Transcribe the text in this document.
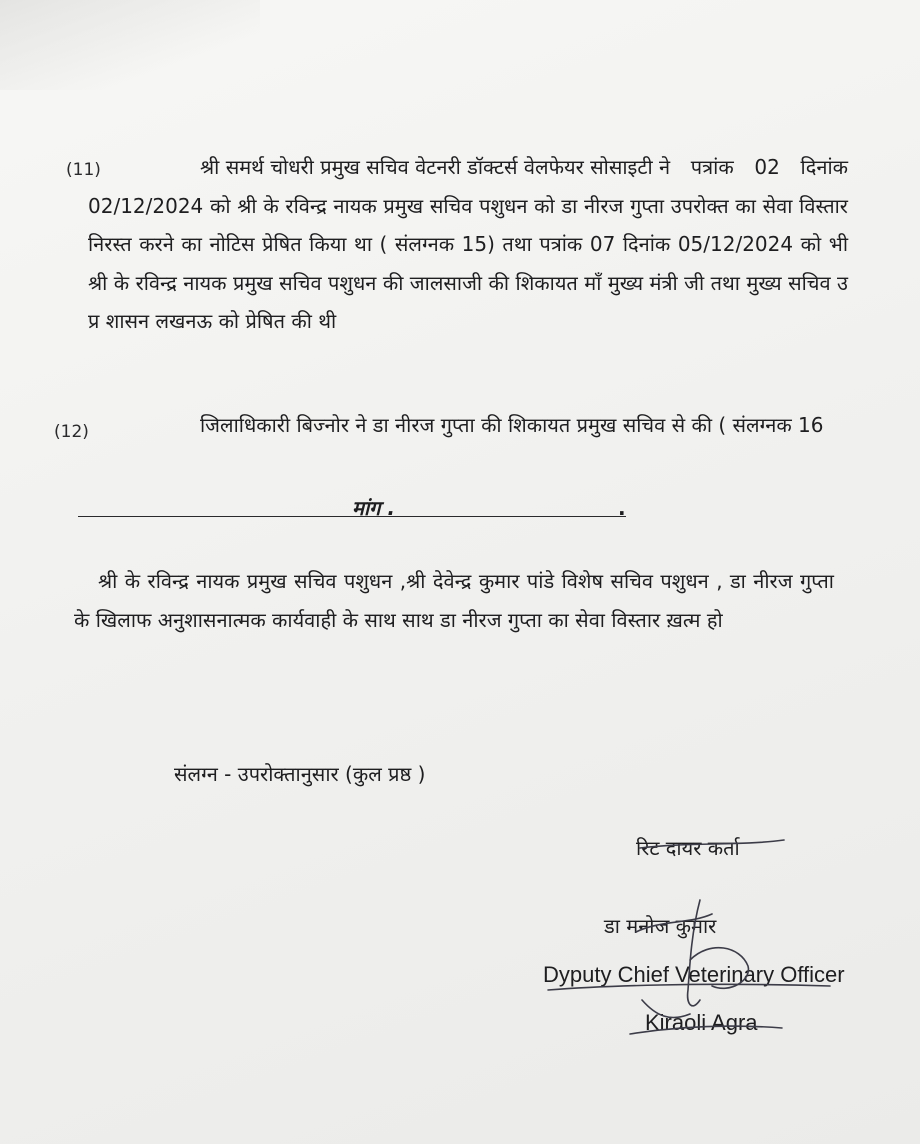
(11)	श्री समर्थ चोधरी प्रमुख सचिव वेटनरी डॉक्टर्स वेलफेयर सोसाइटी ने पत्रांक 02 दिनांक 02/12/2024 को श्री के रविन्द्र नायक प्रमुख सचिव पशुधन को डा नीरज गुप्ता उपरोक्त का सेवा विस्तार निरस्त करने का नोटिस प्रेषित किया था ( संलग्नक 15) तथा पत्रांक 07 दिनांक 05/12/2024 को भी श्री के रविन्द्र नायक प्रमुख सचिव पशुधन की जालसाजी की शिकायत माँ मुख्य मंत्री जी तथा मुख्य सचिव उ प्र शासन लखनऊ को प्रेषित की थी
(12)	जिलाधिकारी बिज्नोर ने डा नीरज गुप्ता की शिकायत प्रमुख सचिव से की ( संलग्नक 16
मांग .	.
श्री के रविन्द्र नायक प्रमुख सचिव पशुधन ,श्री देवेन्द्र कुमार पांडे विशेष सचिव पशुधन , डा नीरज गुप्ता के खिलाफ अनुशासनात्मक कार्यवाही के साथ साथ डा नीरज गुप्ता का सेवा विस्तार ख़त्म हो
संलग्न - उपरोक्तानुसार (कुल प्रष्ठ )
रिट दायर कर्ता
डा मनोज कुमार
Dyputy Chief Veterinary Officer
Kiraoli Agra
